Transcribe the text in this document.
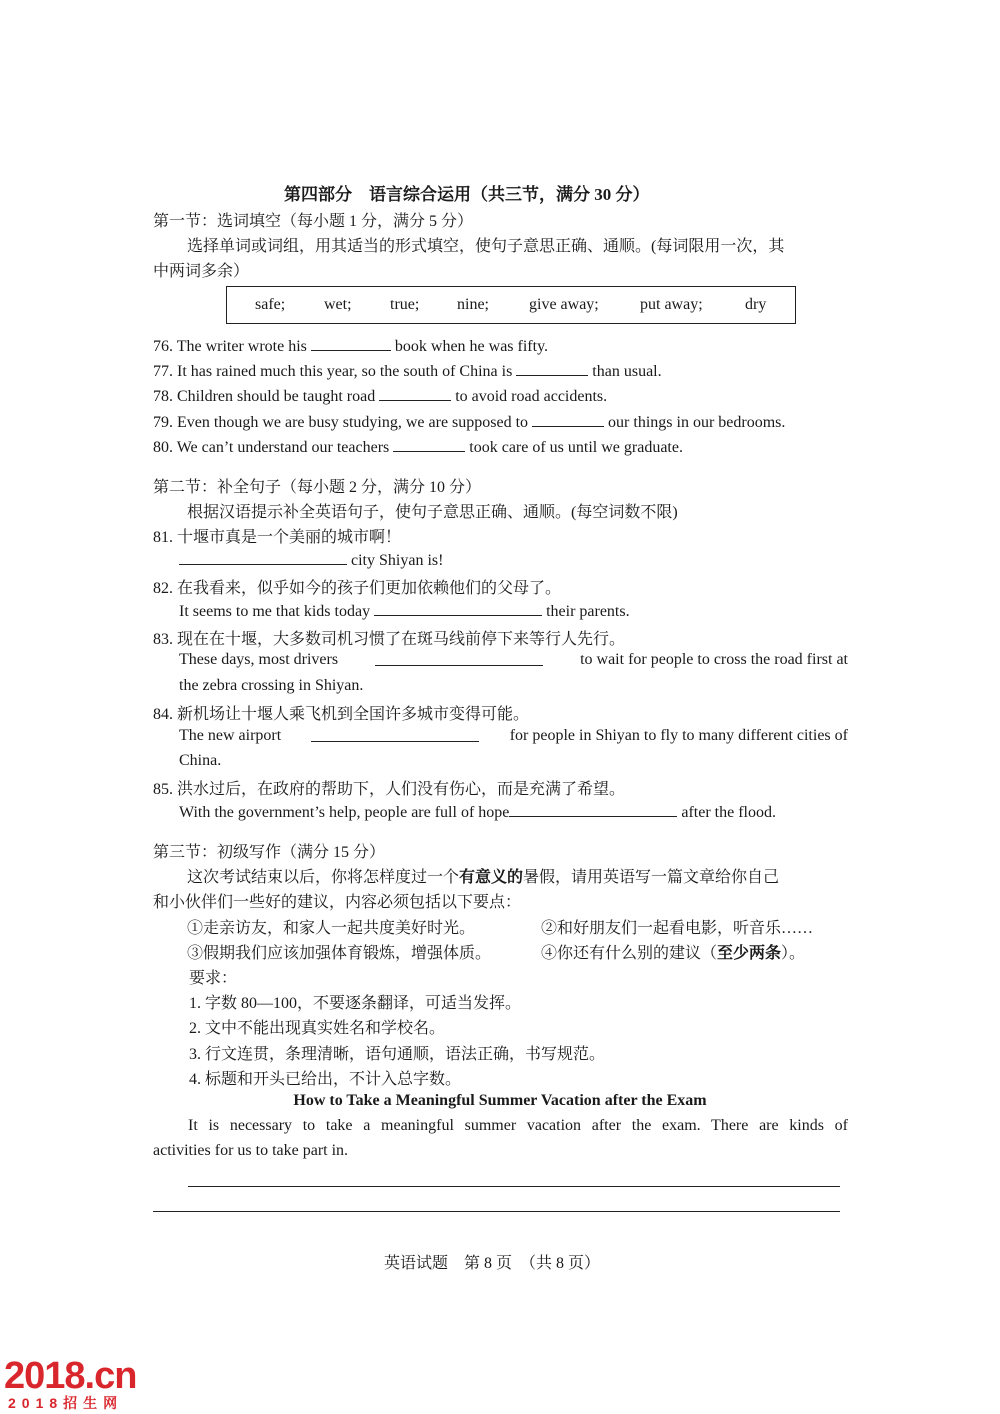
第四部分　语言综合运用（共三节，满分 30 分）
第一节：选词填空（每小题 1 分，满分 5 分）
选择单词或词组，用其适当的形式填空，使句子意思正确、通顺。(每词限用一次，其
中两词多余）
safe; wet; true; nine;	give away;	put away;	dry
76. The writer wrote his	book when he was fifty.
77. It has rained much this year, so the south of China is	than usual.
78. Children should be taught road	to avoid road accidents.
79. Even though we are busy studying, we are supposed to	our things in our bedrooms.
80. We can’t understand our teachers	took care of us until we graduate.
第二节：补全句子（每小题 2 分，满分 10 分）
根据汉语提示补全英语句子，使句子意思正确、通顺。(每空词数不限)
81. 十堰市真是一个美丽的城市啊！
city Shiyan is!
82. 在我看来，似乎如今的孩子们更加依赖他们的父母了。
It seems to me that kids today	their parents.
83. 现在在十堰，大多数司机习惯了在斑马线前停下来等行人先行。
These days, most drivers	to wait for people to cross the road first at
the zebra crossing in Shiyan.
84. 新机场让十堰人乘飞机到全国许多城市变得可能。
The new airport	for people in Shiyan to fly to many different cities of
China.
85. 洪水过后，在政府的帮助下，人们没有伤心，而是充满了希望。
With the government’s help, people are full of hope	after the flood.
第三节：初级写作（满分 15 分）
这次考试结束以后，你将怎样度过一个有意义的暑假，请用英语写一篇文章给你自己
和小伙伴们一些好的建议，内容必须包括以下要点：
①走亲访友，和家人一起共度美好时光。	②和好朋友们一起看电影，听音乐……
③假期我们应该加强体育锻炼，增强体质。	④你还有什么别的建议（至少两条）。
要求：
1. 字数 80—100，不要逐条翻译，可适当发挥。
2. 文中不能出现真实姓名和学校名。
3. 行文连贯，条理清晰，语句通顺，语法正确，书写规范。
4. 标题和开头已给出，不计入总字数。
How to Take a Meaningful Summer Vacation after the Exam
It is necessary to take a meaningful summer vacation after the exam. There are kinds of
activities for us to take part in.
英语试题　第 8 页　（共 8 页）
2018.cn
2018招生网
